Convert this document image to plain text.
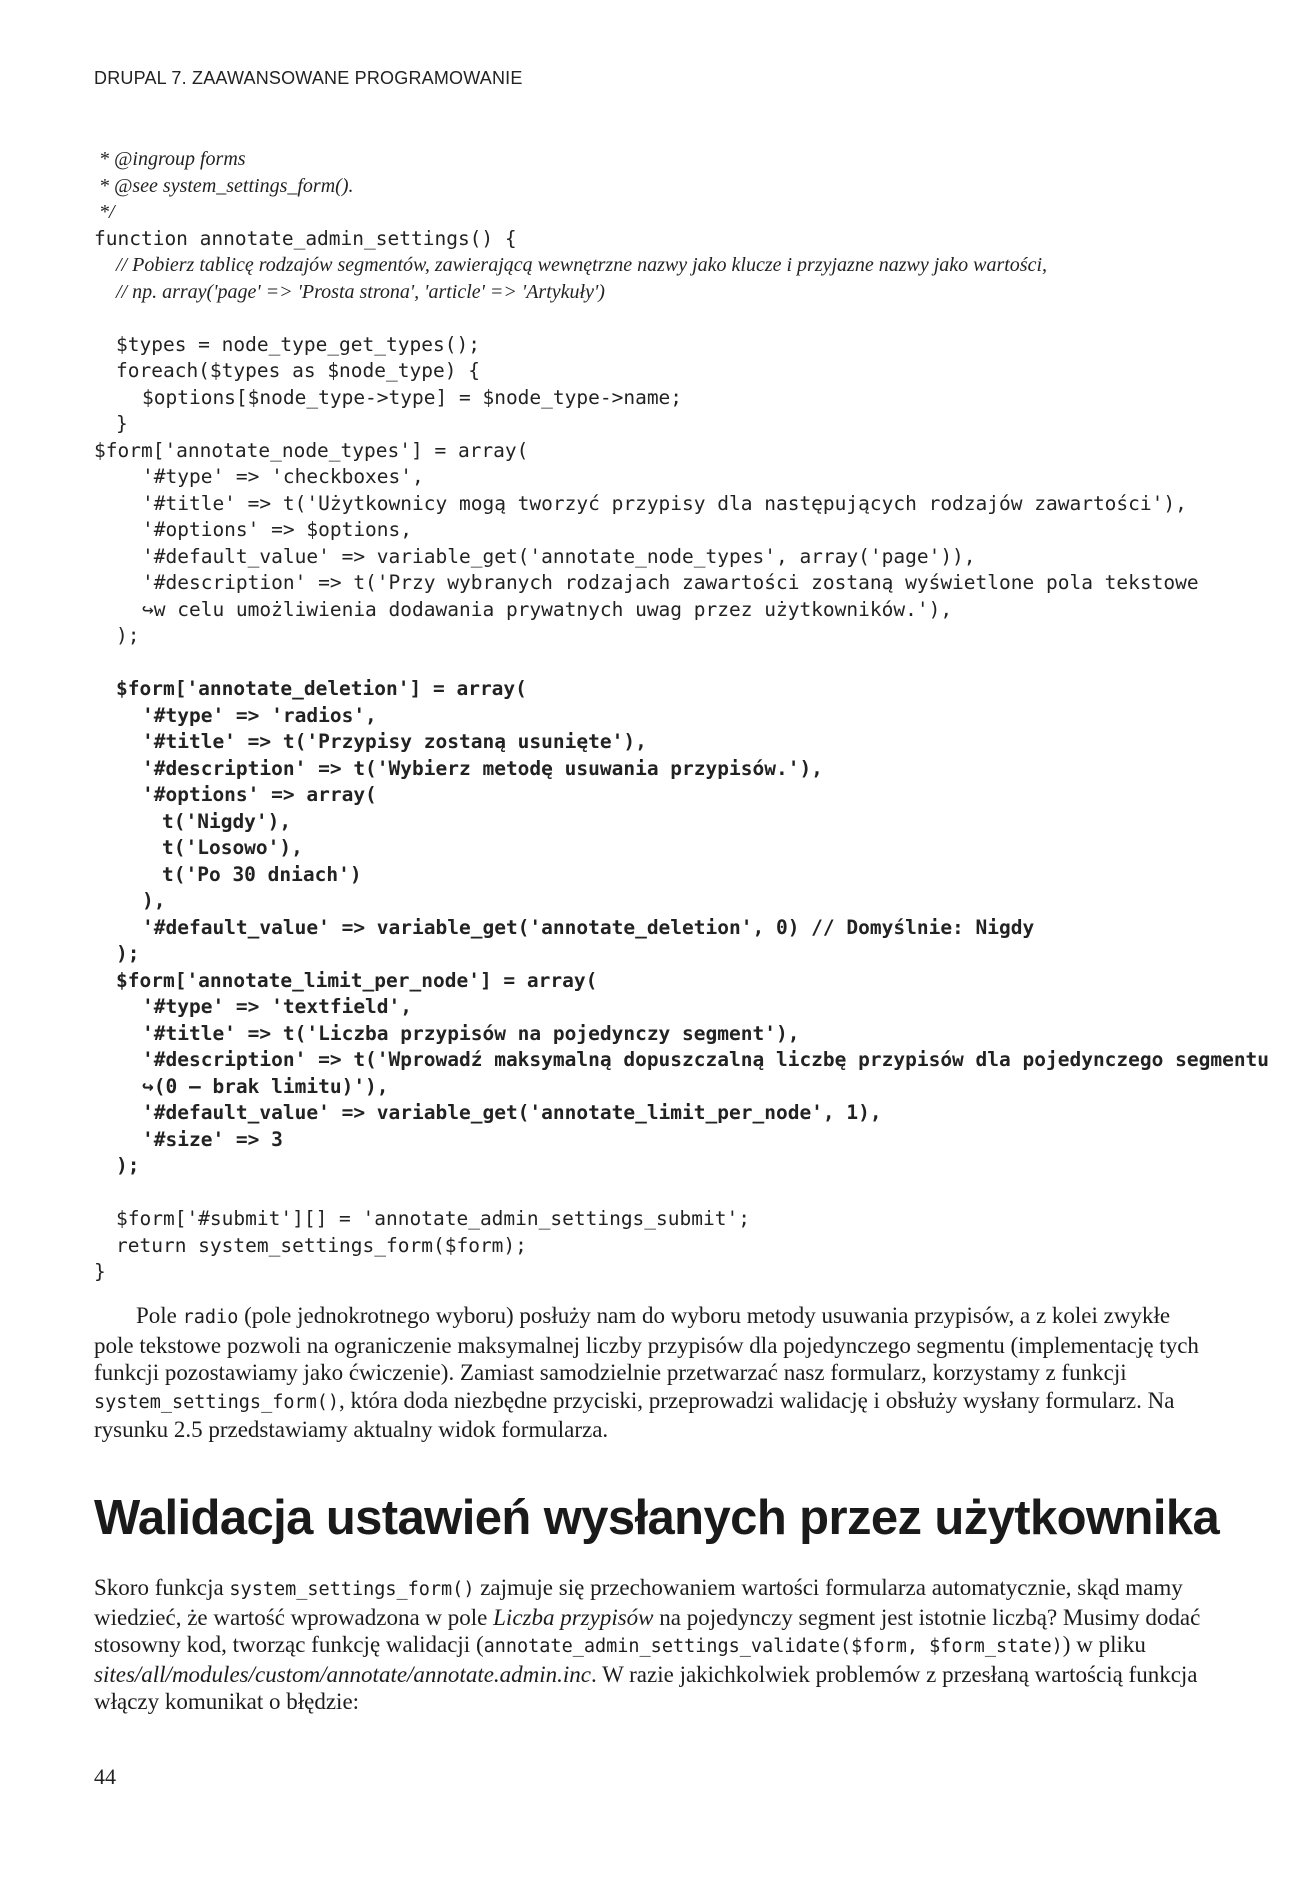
DRUPAL 7. ZAAWANSOWANE PROGRAMOWANIE
* @ingroup forms
* @see system_settings_form().
*/
function annotate_admin_settings() {
// Pobierz tablicę rodzajów segmentów, zawierającą wewnętrzne nazwy jako klucze i przyjazne nazwy jako wartości,
// np. array('page' => 'Prosta strona', 'article' => 'Artykuły')
$types = node_type_get_types();
foreach($types as $node_type) {
$options[$node_type->type] = $node_type->name;
}
$form['annotate_node_types'] = array(
'#type' => 'checkboxes',
'#title' => t('Użytkownicy mogą tworzyć przypisy dla następujących rodzajów zawartości'),
'#options' => $options,
'#default_value' => variable_get('annotate_node_types', array('page')),
'#description' => t('Przy wybranych rodzajach zawartości zostaną wyświetlone pola tekstowe
↪w celu umożliwienia dodawania prywatnych uwag przez użytkowników.'),
);
$form['annotate_deletion'] = array(
'#type' => 'radios',
'#title' => t('Przypisy zostaną usunięte'),
'#description' => t('Wybierz metodę usuwania przypisów.'),
'#options' => array(
t('Nigdy'),
t('Losowo'),
t('Po 30 dniach')
),
'#default_value' => variable_get('annotate_deletion', 0) // Domyślnie: Nigdy
);
$form['annotate_limit_per_node'] = array(
'#type' => 'textfield',
'#title' => t('Liczba przypisów na pojedynczy segment'),
'#description' => t('Wprowadź maksymalną dopuszczalną liczbę przypisów dla pojedynczego segmentu
↪(0 – brak limitu)'),
'#default_value' => variable_get('annotate_limit_per_node', 1),
'#size' => 3
);
$form['#submit'][] = 'annotate_admin_settings_submit';
return system_settings_form($form);
}

Pole radio (pole jednokrotnego wyboru) posłuży nam do wyboru metody usuwania przypisów, a z kolei zwykłe pole tekstowe pozwoli na ograniczenie maksymalnej liczby przypisów dla pojedynczego segmentu (implementację tych funkcji pozostawiamy jako ćwiczenie). Zamiast samodzielnie przetwarzać nasz formularz, korzystamy z funkcji system_settings_form(), która doda niezbędne przyciski, przeprowadzi walidację i obsłuży wysłany formularz. Na rysunku 2.5 przedstawiamy aktualny widok formularza.

Walidacja ustawień wysłanych przez użytkownika

Skoro funkcja system_settings_form() zajmuje się przechowaniem wartości formularza automatycznie, skąd mamy wiedzieć, że wartość wprowadzona w pole Liczba przypisów na pojedynczy segment jest istotnie liczbą? Musimy dodać stosowny kod, tworząc funkcję walidacji (annotate_admin_settings_validate($form, $form_state)) w pliku sites/all/modules/custom/annotate/annotate.admin.inc. W razie jakichkolwiek problemów z przesłaną wartością funkcja włączy komunikat o błędzie:

44
